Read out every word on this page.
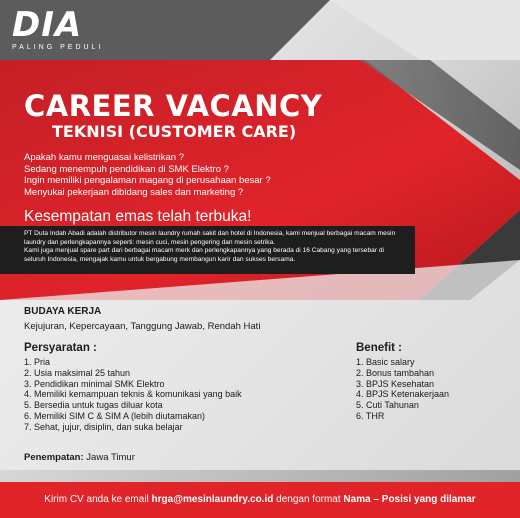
DIA
PALING PEDULI
CAREER VACANCY
TEKNISI (CUSTOMER CARE)
Apakah kamu menguasai kelistrikan ?
Sedang menempuh pendidikan di SMK Elektro ?
Ingin memiliki pengalaman magang di perusahaan besar ?
Menyukai pekerjaan dibidang sales dan marketing ?
Kesempatan emas telah terbuka!
PT Duta Indah Abadi adalah distributor mesin laundry rumah sakit dan hotel di Indonesia, kami menjual berbagai macam mesin laundry dan perlengkapannya seperti: mesin cuci, mesin pengering dan mesin setrika.
Kami juga menjual spare part dari berbagai macam merk dan perlengkapannya yang berada di 16 Cabang yang tersebar di seluruh Indonesia, mengajak kamu untuk bergabung membangun karir dan sukses bersama.
BUDAYA KERJA
Kejujuran, Kepercayaan, Tanggung Jawab, Rendah Hati
Persyaratan :
1. Pria
2. Usia maksimal 25 tahun
3. Pendidikan minimal SMK Elektro
4. Memiliki kemampuan teknis & komunikasi yang baik
5. Bersedia untuk tugas diluar kota
6. Memiliki SIM C & SIM A (lebih diutamakan)
7. Sehat, jujur, disiplin, dan suka belajar
Benefit :
1. Basic salary
2. Bonus tambahan
3. BPJS Kesehatan
4. BPJS Ketenakerjaan
5. Cuti Tahunan
6. THR
Penempatan: Jawa Timur
Kirim CV anda ke email hrga@mesinlaundry.co.id dengan format Nama – Posisi yang dilamar
